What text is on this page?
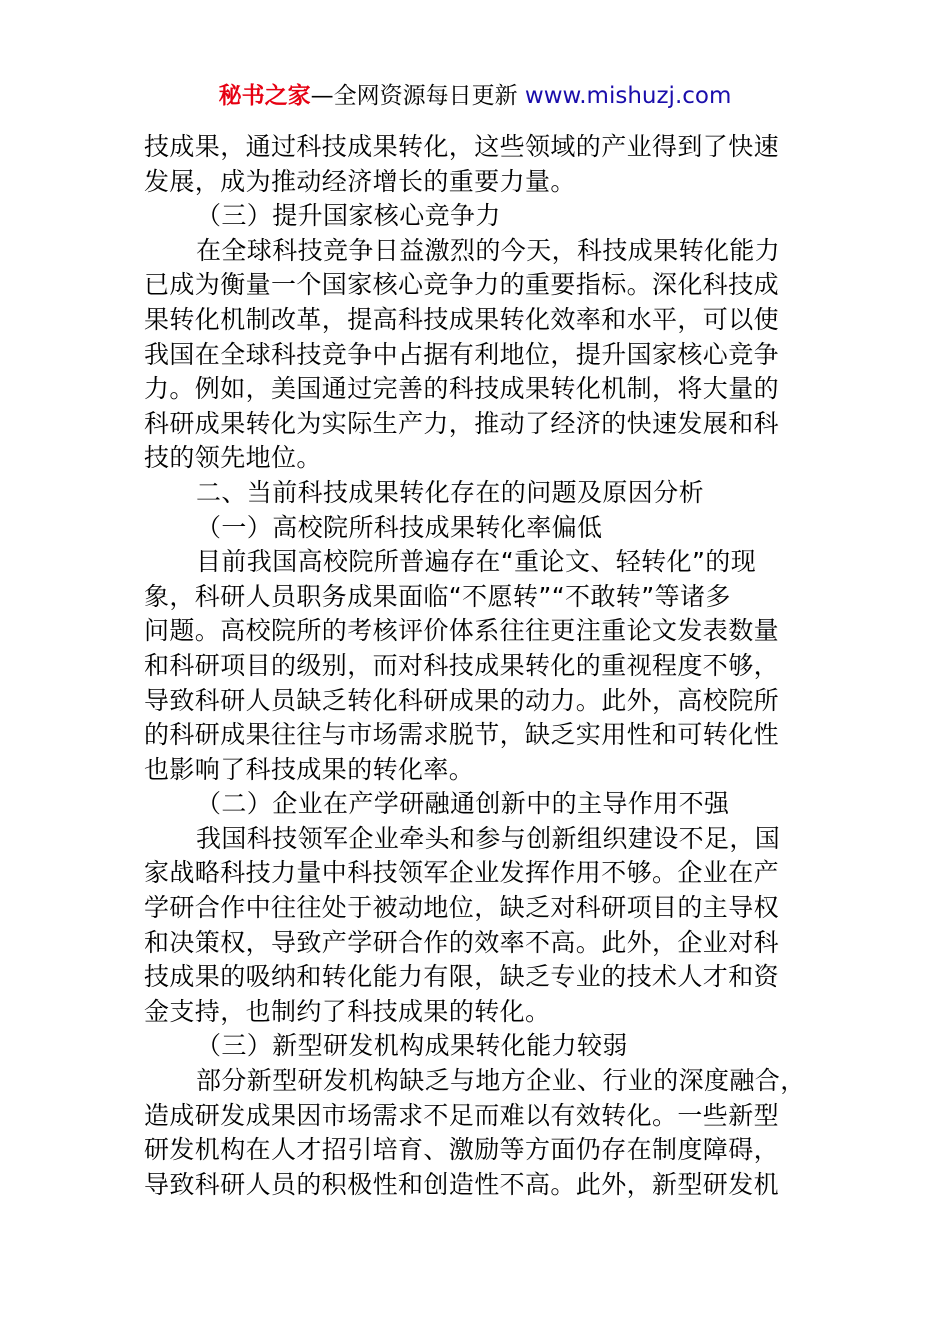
秘书之家—全网资源每日更新 www.mishuzj.com
技成果，通过科技成果转化，这些领域的产业得到了快速
发展，成为推动经济增长的重要力量。
（三）提升国家核心竞争力
在全球科技竞争日益激烈的今天，科技成果转化能力
已成为衡量一个国家核心竞争力的重要指标。深化科技成
果转化机制改革，提高科技成果转化效率和水平，可以使
我国在全球科技竞争中占据有利地位，提升国家核心竞争
力。例如，美国通过完善的科技成果转化机制，将大量的
科研成果转化为实际生产力，推动了经济的快速发展和科
技的领先地位。
二、当前科技成果转化存在的问题及原因分析
（一）高校院所科技成果转化率偏低
目前我国高校院所普遍存在“重论文、轻转化”的现
象，科研人员职务成果面临“不愿转”“不敢转”等诸多
问题。高校院所的考核评价体系往往更注重论文发表数量
和科研项目的级别，而对科技成果转化的重视程度不够，
导致科研人员缺乏转化科研成果的动力。此外，高校院所
的科研成果往往与市场需求脱节，缺乏实用性和可转化性
也影响了科技成果的转化率。
（二）企业在产学研融通创新中的主导作用不强
我国科技领军企业牵头和参与创新组织建设不足，国
家战略科技力量中科技领军企业发挥作用不够。企业在产
学研合作中往往处于被动地位，缺乏对科研项目的主导权
和决策权，导致产学研合作的效率不高。此外，企业对科
技成果的吸纳和转化能力有限，缺乏专业的技术人才和资
金支持，也制约了科技成果的转化。
（三）新型研发机构成果转化能力较弱
部分新型研发机构缺乏与地方企业、行业的深度融合，
造成研发成果因市场需求不足而难以有效转化。一些新型
研发机构在人才招引培育、激励等方面仍存在制度障碍，
导致科研人员的积极性和创造性不高。此外，新型研发机
